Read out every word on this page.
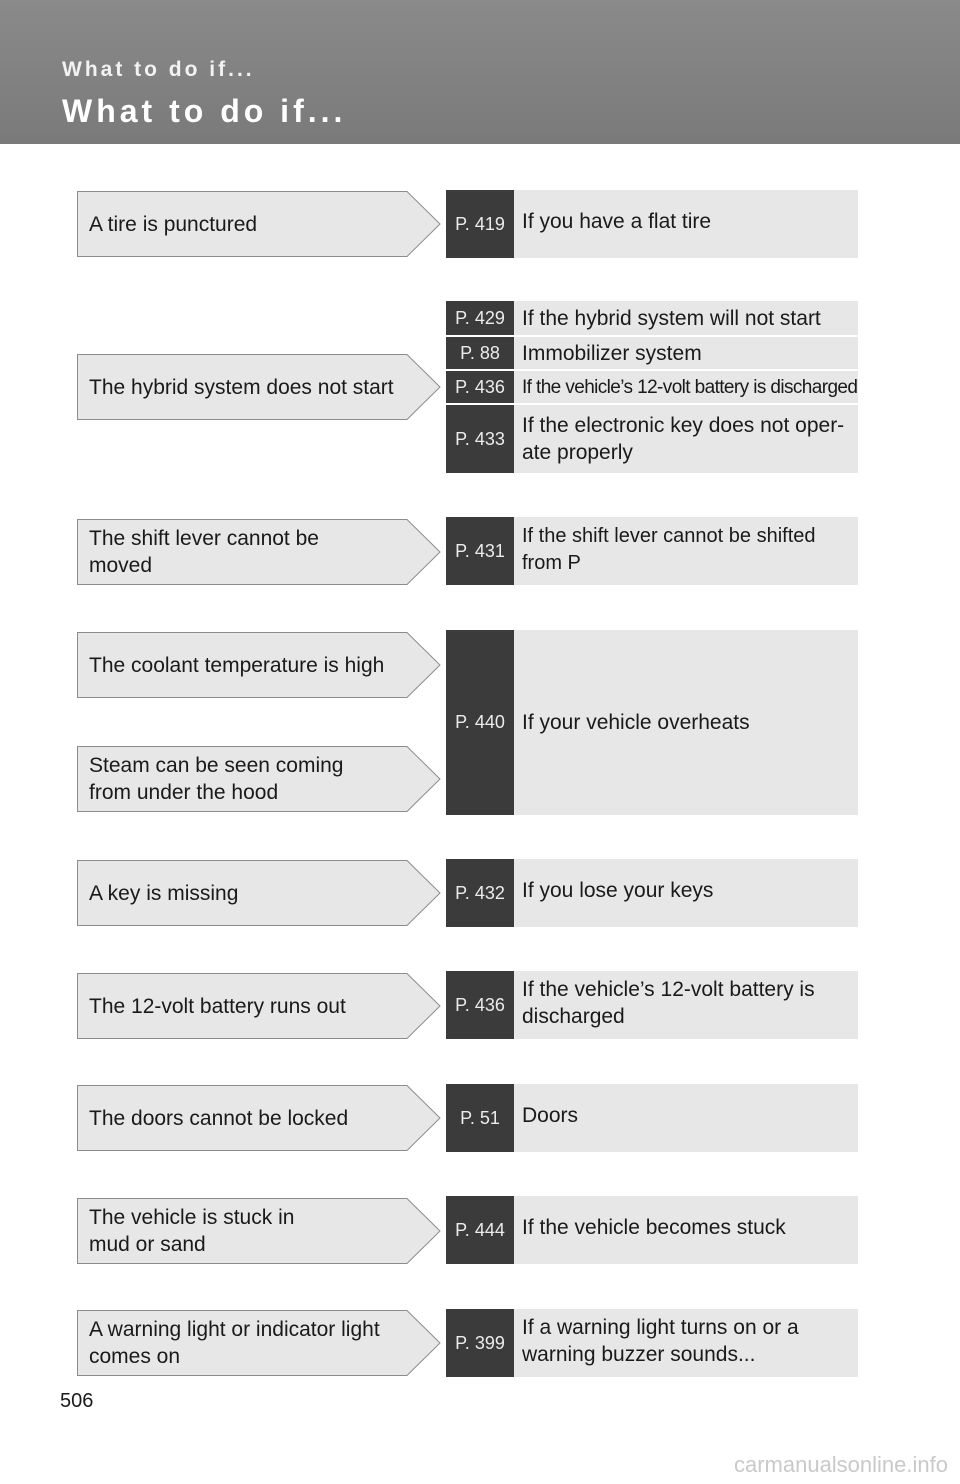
What to do if...
What to do if...
A tire is punctured
The hybrid system does not start
The shift lever cannot be
moved
The coolant temperature is high
Steam can be seen coming
from under the hood
A key is missing
The 12-volt battery runs out
The doors cannot be locked
The vehicle is stuck in
mud or sand
A warning light or indicator light
comes on
P. 419 If you have a flat tire
P. 429 If the hybrid system will not start
P. 88	Immobilizer system
P. 436 If the vehicle’s 12-volt battery is discharged
P. 433
If the electronic key does not oper-
ate properly
P. 431
If the shift lever cannot be shifted
from P
P. 440 If your vehicle overheats
P. 432 If you lose your keys
P. 436
If the vehicle’s 12-volt battery is
discharged
P. 51	Doors
P. 444 If the vehicle becomes stuck
P. 399
If a warning light turns on or a
warning buzzer sounds...
506
carmanualsonline.info
